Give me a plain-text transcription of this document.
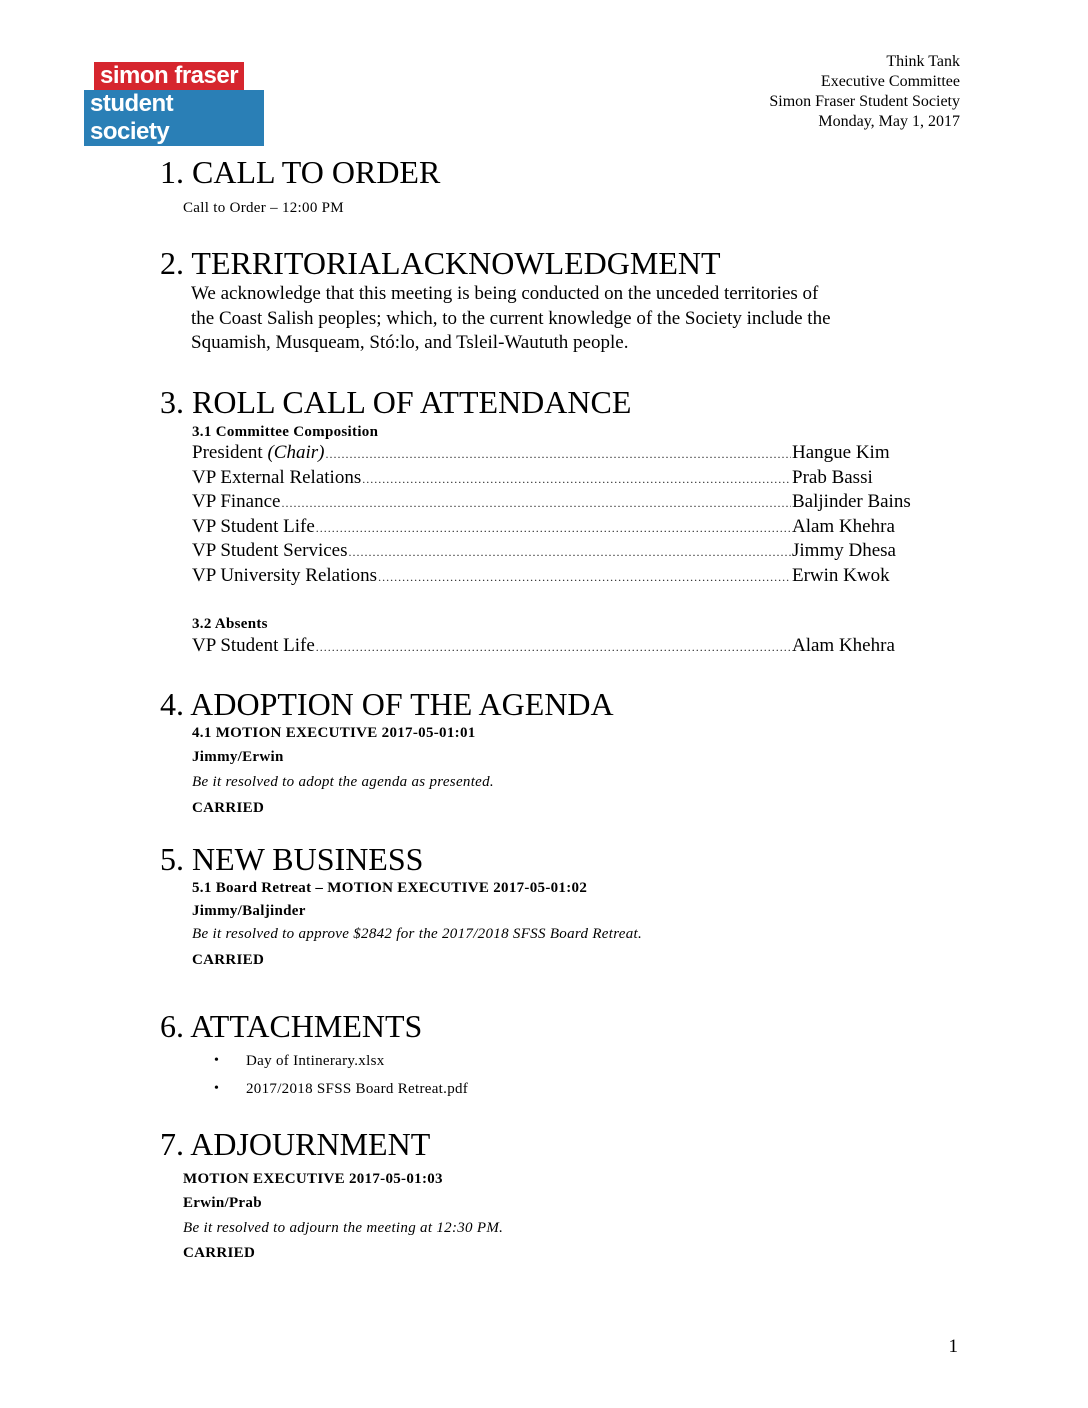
simon fraser
student society
Think Tank
Executive Committee
Simon Fraser Student Society
Monday, May 1, 2017
1. CALL TO ORDER
Call to Order – 12:00 PM
2. TERRITORIALACKNOWLEDGMENT
We acknowledge that this meeting is being conducted on the unceded territories of
the Coast Salish peoples; which, to the current knowledge of the Society include the
Squamish, Musqueam, Stó:lo, and Tsleil-Waututh people.
3. ROLL CALL OF ATTENDANCE
3.1 Committee Composition
President (Chair) .....	Hangue Kim
VP External Relations .....	Prab Bassi
VP Finance .....	Baljinder Bains
VP Student Life .....	Alam Khehra
VP Student Services .....	Jimmy Dhesa
VP University Relations .....	Erwin Kwok
3.2 Absents
VP Student Life .....	Alam Khehra
4. ADOPTION OF THE AGENDA
4.1 MOTION EXECUTIVE 2017-05-01:01
Jimmy/Erwin
Be it resolved to adopt the agenda as presented.
CARRIED
5. NEW BUSINESS
5.1 Board Retreat – MOTION EXECUTIVE 2017-05-01:02
Jimmy/Baljinder
Be it resolved to approve $2842 for the 2017/2018 SFSS Board Retreat.
CARRIED
6. ATTACHMENTS
•	Day of Intinerary.xlsx
•	2017/2018 SFSS Board Retreat.pdf
7. ADJOURNMENT
MOTION EXECUTIVE 2017-05-01:03
Erwin/Prab
Be it resolved to adjourn the meeting at 12:30 PM.
CARRIED
1
